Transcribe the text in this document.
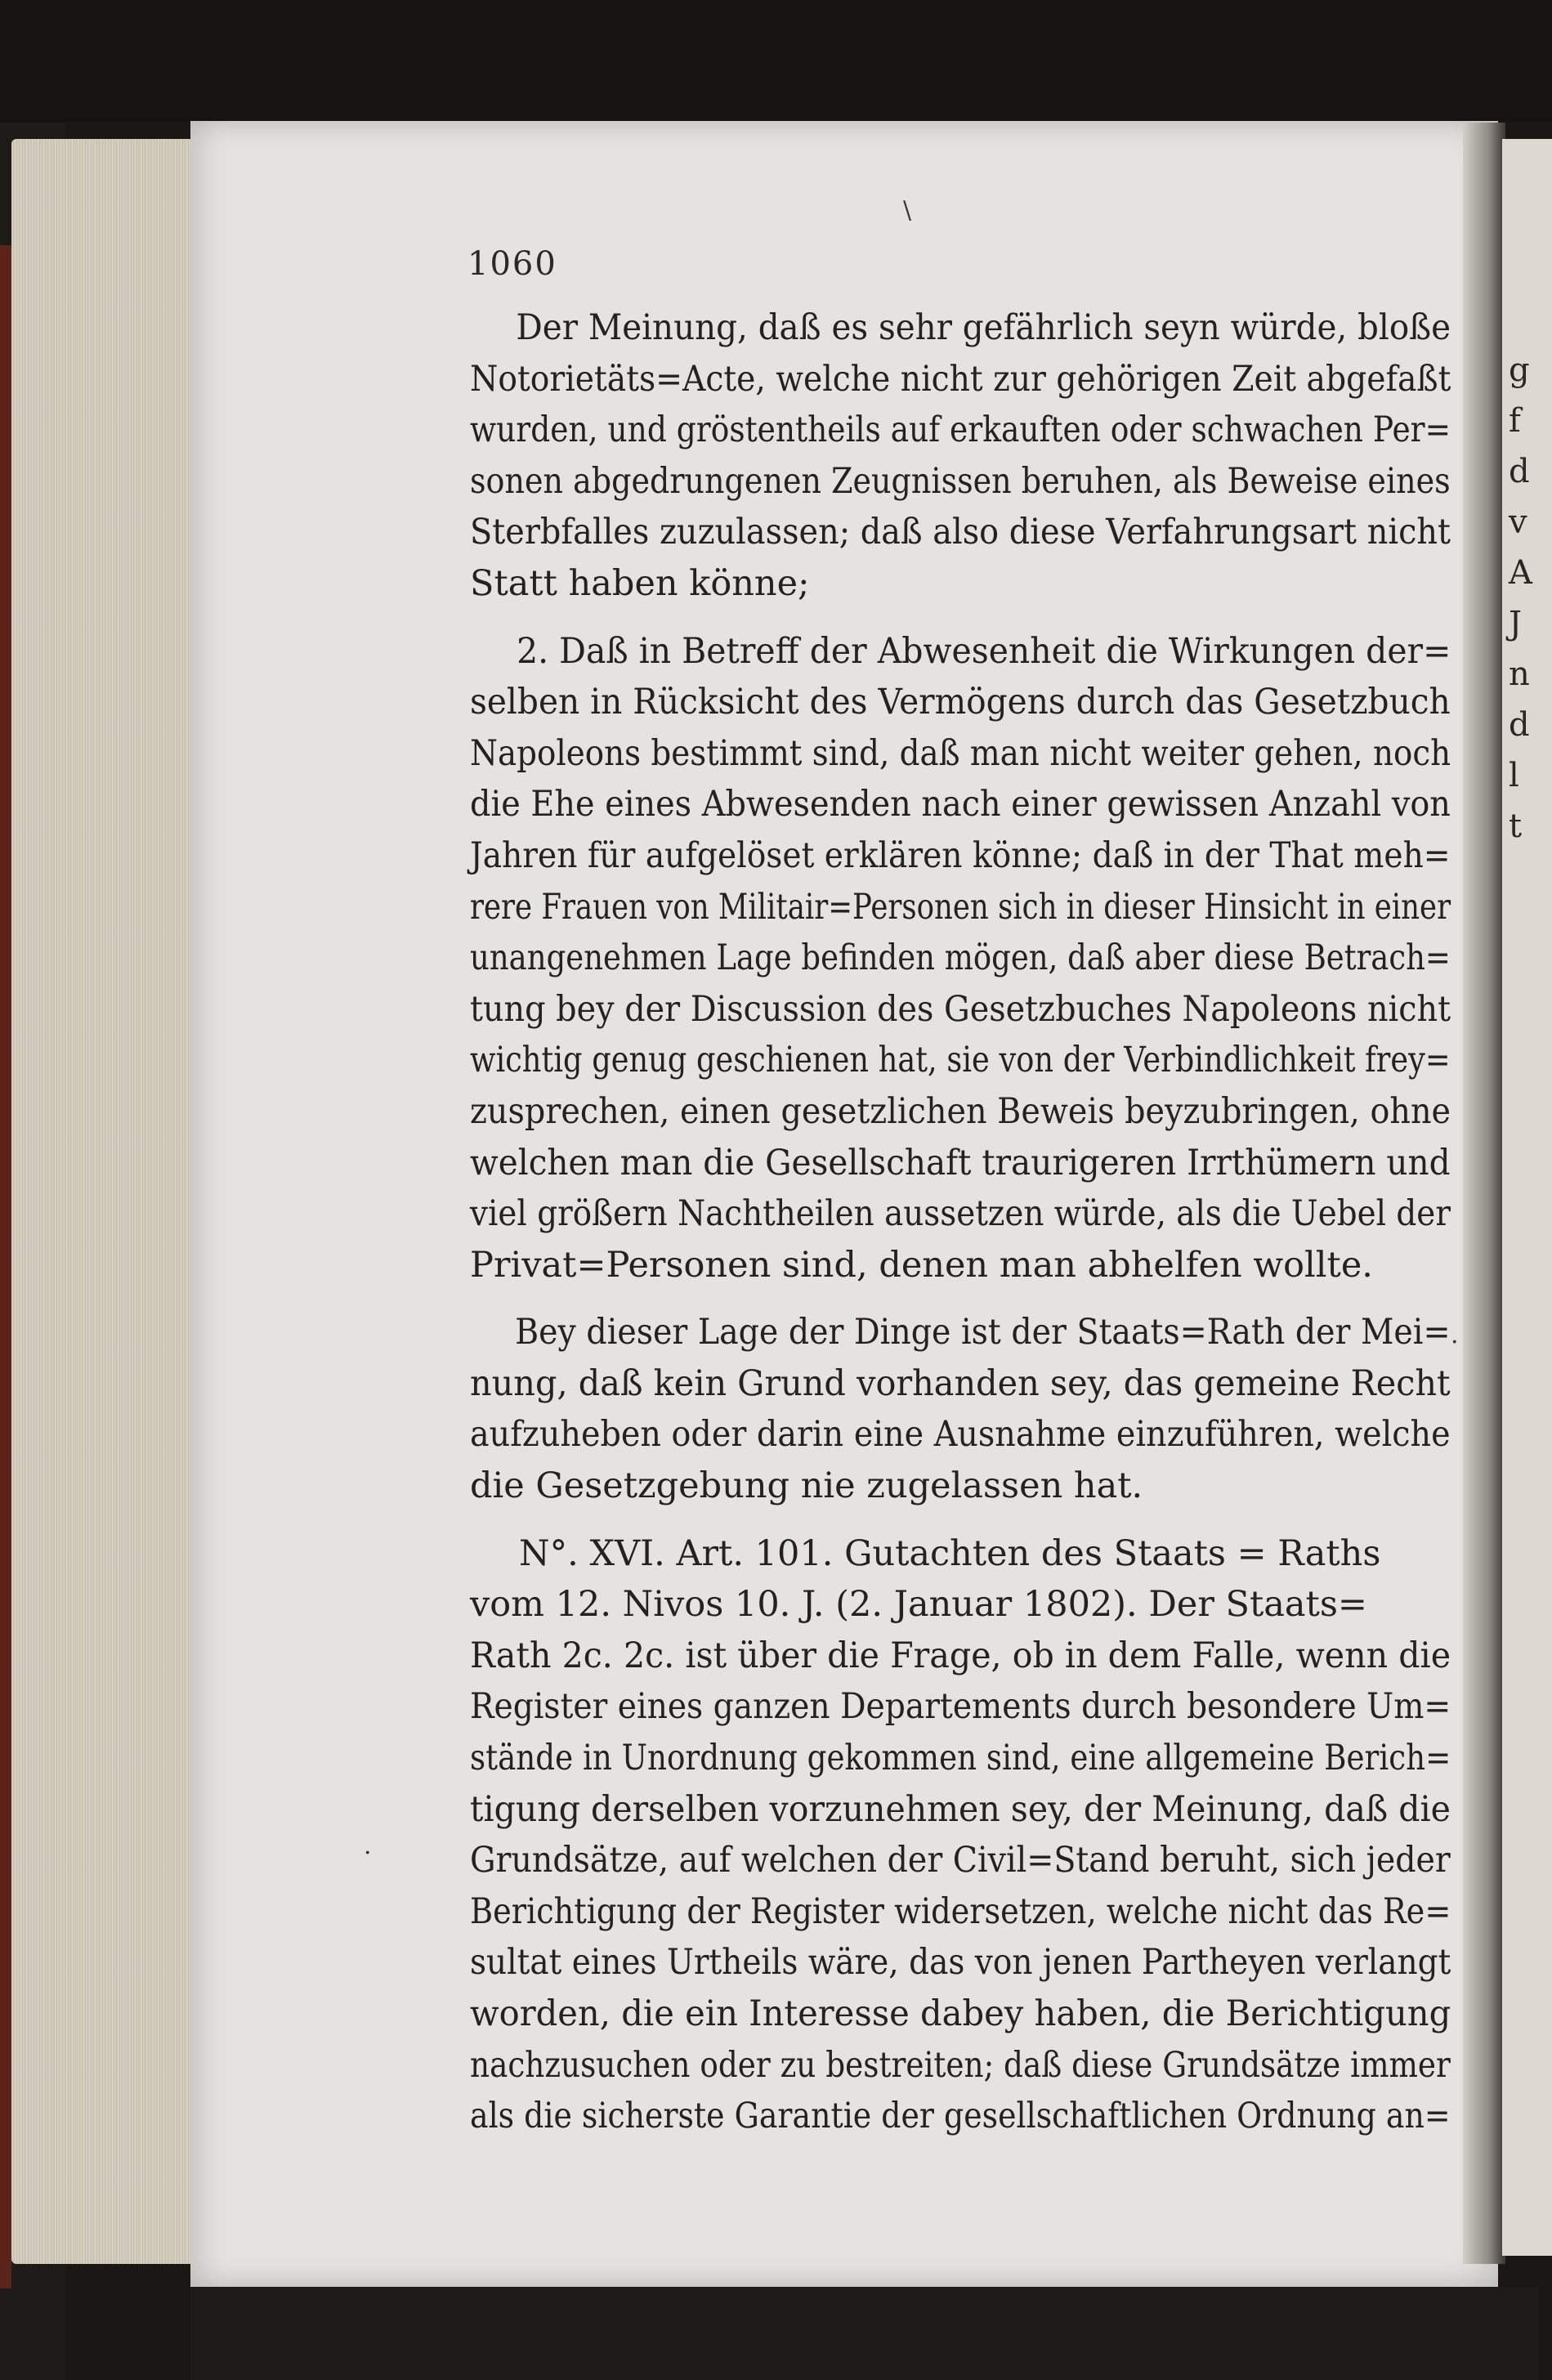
g
f
d
v
A
J
n
d
l
t
1060
Der Meinung, daß es sehr gefährlich seyn würde, bloße
Notorietäts=Acte, welche nicht zur gehörigen Zeit abgefaßt
wurden, und gröstentheils auf erkauften oder schwachen Per=
sonen abgedrungenen Zeugnissen beruhen, als Beweise eines
Sterbfalles zuzulassen; daß also diese Verfahrungsart nicht
Statt haben könne;
2. Daß in Betreff der Abwesenheit die Wirkungen der=
selben in Rücksicht des Vermögens durch das Gesetzbuch
Napoleons bestimmt sind, daß man nicht weiter gehen, noch
die Ehe eines Abwesenden nach einer gewissen Anzahl von
Jahren für aufgelöset erklären könne; daß in der That meh=
rere Frauen von Militair=Personen sich in dieser Hinsicht in einer
unangenehmen Lage befinden mögen, daß aber diese Betrach=
tung bey der Discussion des Gesetzbuches Napoleons nicht
wichtig genug geschienen hat, sie von der Verbindlichkeit frey=
zusprechen, einen gesetzlichen Beweis beyzubringen, ohne
welchen man die Gesellschaft traurigeren Irrthümern und
viel größern Nachtheilen aussetzen würde, als die Uebel der
Privat=Personen sind, denen man abhelfen wollte.
Bey dieser Lage der Dinge ist der Staats=Rath der Mei=
nung, daß kein Grund vorhanden sey, das gemeine Recht
aufzuheben oder darin eine Ausnahme einzuführen, welche
die Gesetzgebung nie zugelassen hat.
N°. XVI. Art. 101. Gutachten des Staats = Raths
vom 12. Nivos 10. J. (2. Januar 1802). Der Staats=
Rath 2c. 2c. ist über die Frage, ob in dem Falle, wenn die
Register eines ganzen Departements durch besondere Um=
stände in Unordnung gekommen sind, eine allgemeine Berich=
tigung derselben vorzunehmen sey, der Meinung, daß die
Grundsätze, auf welchen der Civil=Stand beruht, sich jeder
Berichtigung der Register widersetzen, welche nicht das Re=
sultat eines Urtheils wäre, das von jenen Partheyen verlangt
worden, die ein Interesse dabey haben, die Berichtigung
nachzusuchen oder zu bestreiten; daß diese Grundsätze immer
als die sicherste Garantie der gesellschaftlichen Ordnung an=
\
·
·
